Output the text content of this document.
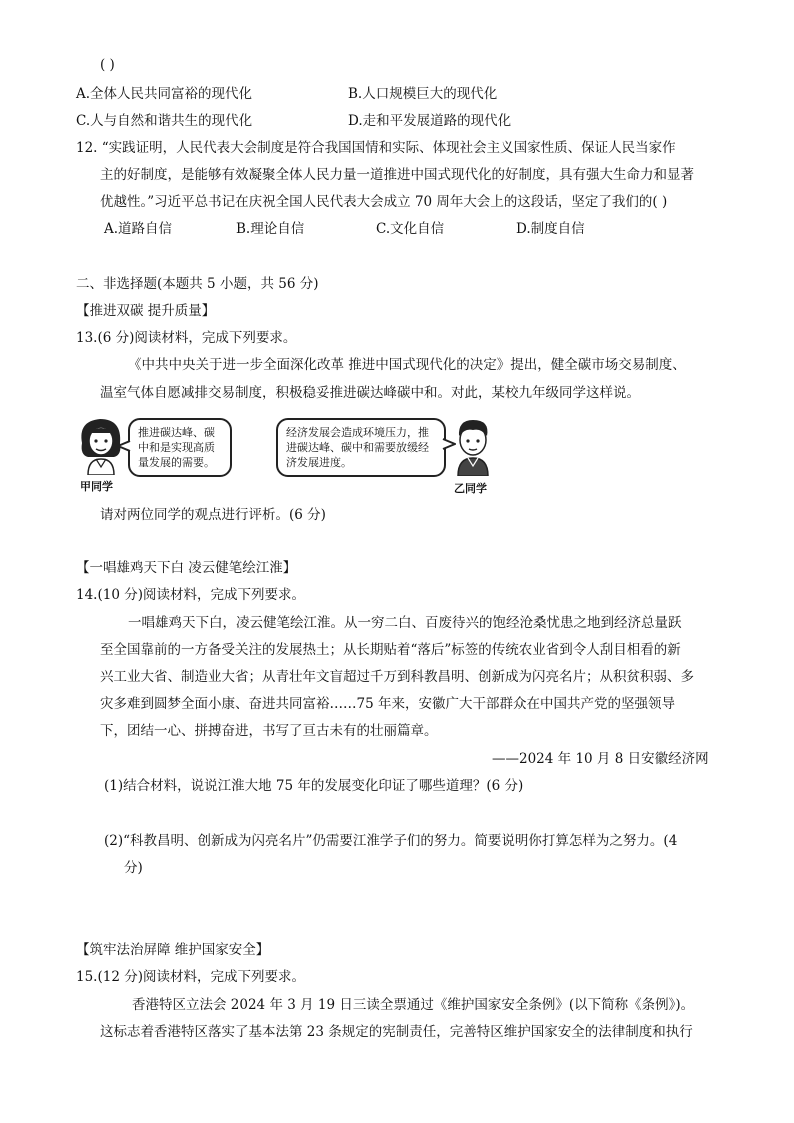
( )
A.全体人民共同富裕的现代化	B.人口规模巨大的现代化
C.人与自然和谐共生的现代化	D.走和平发展道路的现代化
12. “实践证明，人民代表大会制度是符合我国国情和实际、体现社会主义国家性质、保证人民当家作
主的好制度，是能够有效凝聚全体人民力量一道推进中国式现代化的好制度，具有强大生命力和显著
优越性。”习近平总书记在庆祝全国人民代表大会成立 70 周年大会上的这段话，坚定了我们的( )
A.道路自信	B.理论自信	C.文化自信	D.制度自信
二、非选择题(本题共 5 小题，共 56 分)
【推进双碳 提升质量】
13.(6 分)阅读材料，完成下列要求。
《中共中央关于进一步全面深化改革 推进中国式现代化的决定》提出，健全碳市场交易制度、
温室气体自愿减排交易制度，积极稳妥推进碳达峰碳中和。对此，某校九年级同学这样说。
甲同学
推进碳达峰、碳中和是实现高质量发展的需要。
经济发展会造成环境压力，推进碳达峰、碳中和需要放缓经济发展进度。
乙同学
请对两位同学的观点进行评析。(6 分)
【一唱雄鸡天下白 凌云健笔绘江淮】
14.(10 分)阅读材料，完成下列要求。
一唱雄鸡天下白，凌云健笔绘江淮。从一穷二白、百废待兴的饱经沧桑忧患之地到经济总量跃
至全国靠前的一方备受关注的发展热土；从长期贴着“落后”标签的传统农业省到令人刮目相看的新
兴工业大省、制造业大省；从青壮年文盲超过千万到科教昌明、创新成为闪亮名片；从积贫积弱、多
灾多难到圆梦全面小康、奋进共同富裕……75 年来，安徽广大干部群众在中国共产党的坚强领导
下，团结一心、拼搏奋进，书写了亘古未有的壮丽篇章。
——2024 年 10 月 8 日安徽经济网
(1)结合材料，说说江淮大地 75 年的发展变化印证了哪些道理？(6 分)
(2)“科教昌明、创新成为闪亮名片”仍需要江淮学子们的努力。简要说明你打算怎样为之努力。(4
分)
【筑牢法治屏障 维护国家安全】
15.(12 分)阅读材料，完成下列要求。
香港特区立法会 2024 年 3 月 19 日三读全票通过《维护国家安全条例》(以下简称《条例》)。
这标志着香港特区落实了基本法第 23 条规定的宪制责任，完善特区维护国家安全的法律制度和执行
